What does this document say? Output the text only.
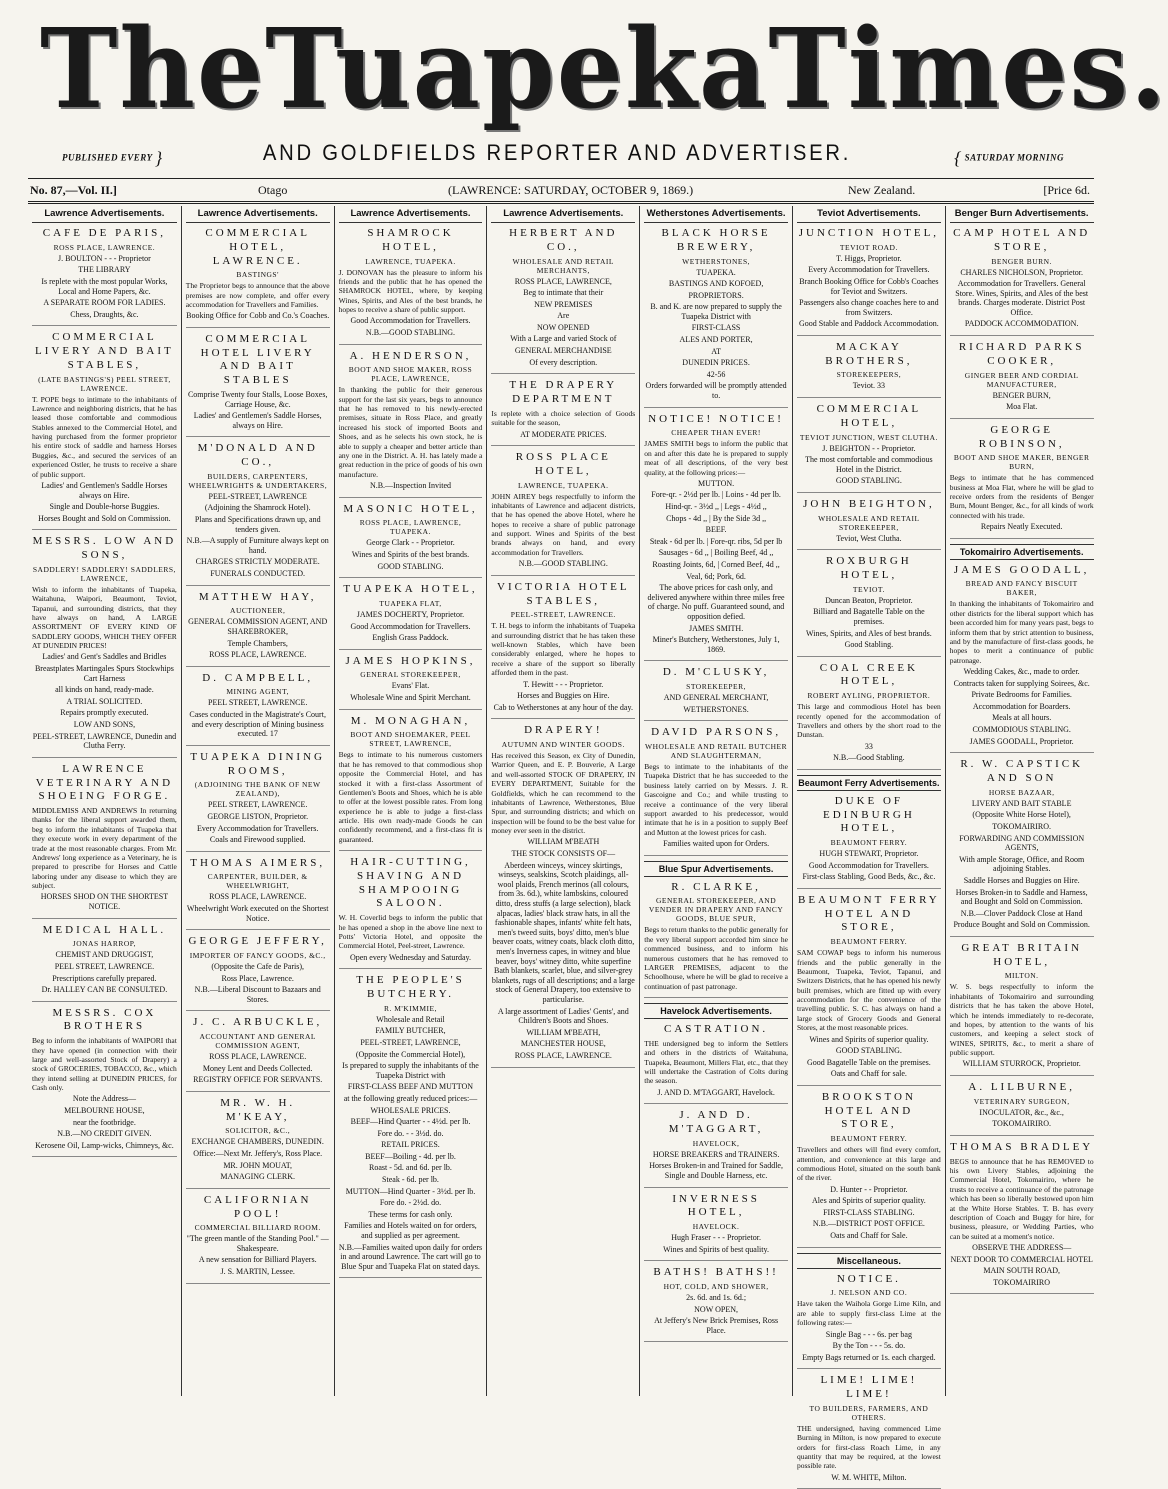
The Tuapeka Times.
PUBLISHED EVERY }	AND GOLDFIELDS REPORTER AND ADVERTISER.	{ SATURDAY MORNING
No. 87,—Vol. II.]	Otago	(LAWRENCE: SATURDAY, OCTOBER 9, 1869.)	New Zealand.	[Price 6d.
Lawrence Advertisements.
CAFE DE PARIS,
ROSS PLACE, LAWRENCE.
J. BOULTON - - - Proprietor
THE LIBRARY
Is replete with the most popular Works, Local and Home Papers, &c.
A SEPARATE ROOM FOR LADIES.
Chess, Draughts, &c.
COMMERCIAL LIVERY AND BAIT STABLES,
(LATE BASTINGS'S) PEEL STREET, LAWRENCE.
T. POPE begs to intimate to the inhabitants of Lawrence and neighboring districts, that he has leased those comfortable and commodious Stables annexed to the Commercial Hotel, and having purchased from the former proprietor his entire stock of saddle and harness Horses Buggies, &c., and secured the services of an experienced Ostler, he trusts to receive a share of public support.
Ladies' and Gentlemen's Saddle Horses always on Hire.
Single and Double-horse Buggies.
Horses Bought and Sold on Commission.
MESSRS. LOW AND SONS,
SADDLERY! SADDLERY! SADDLERS, LAWRENCE,
Wish to inform the inhabitants of Tuapeka, Waitahuna, Waipori, Beaumont, Teviot, Tapanui, and surrounding districts, that they have always on hand, A LARGE ASSORTMENT OF EVERY KIND OF SADDLERY GOODS, WHICH THEY OFFER AT DUNEDIN PRICES!
Ladies' and Gent's Saddles and Bridles
Breastplates Martingales Spurs Stockwhips Cart Harness
all kinds on hand, ready-made.
A TRIAL SOLICITED.
Repairs promptly executed.
LOW AND SONS,
PEEL-STREET, LAWRENCE, Dunedin and Clutha Ferry.
LAWRENCE VETERINARY AND SHOEING FORGE.
MIDDLEMISS AND ANDREWS In returning thanks for the liberal support awarded them, beg to inform the inhabitants of Tuapeka that they execute work in every department of the trade at the most reasonable charges. From Mr. Andrews' long experience as a Veterinary, he is prepared to prescribe for Horses and Cattle laboring under any disease to which they are subject.
HORSES SHOD ON THE SHORTEST NOTICE.
MEDICAL HALL.
JONAS HARROP,
CHEMIST AND DRUGGIST,
PEEL STREET, LAWRENCE.
Prescriptions carefully prepared.
Dr. HALLEY CAN BE CONSULTED.
MESSRS. COX BROTHERS
Beg to inform the inhabitants of WAIPORI that they have opened (in connection with their large and well-assorted Stock of Drapery) a stock of GROCERIES, TOBACCO, &c., which they intend selling at DUNEDIN PRICES, for Cash only.
Note the Address—
MELBOURNE HOUSE,
near the footbridge.
N.B.—NO CREDIT GIVEN.
Kerosene Oil, Lamp-wicks, Chimneys, &c.
Lawrence Advertisements.
COMMERCIAL HOTEL, LAWRENCE.
BASTINGS'
The Proprietor begs to announce that the above premises are now complete, and offer every accommodation for Travellers and Families.
Booking Office for Cobb and Co.'s Coaches.
COMMERCIAL HOTEL LIVERY AND BAIT STABLES
Comprise Twenty four Stalls, Loose Boxes, Carriage House, &c.
Ladies' and Gentlemen's Saddle Horses, always on Hire.
M'DONALD AND CO.,
BUILDERS, CARPENTERS, WHEELWRIGHTS & UNDERTAKERS,
PEEL-STREET, LAWRENCE
(Adjoining the Shamrock Hotel).
Plans and Specifications drawn up, and tenders given.
N.B.—A supply of Furniture always kept on hand.
CHARGES STRICTLY MODERATE.
FUNERALS CONDUCTED.
MATTHEW HAY,
AUCTIONEER,
GENERAL COMMISSION AGENT, AND SHAREBROKER,
Temple Chambers,
ROSS PLACE, LAWRENCE.
D. CAMPBELL,
MINING AGENT,
PEEL STREET, LAWRENCE.
Cases conducted in the Magistrate's Court, and every description of Mining business executed. 17
TUAPEKA DINING ROOMS,
(ADJOINING THE BANK OF NEW ZEALAND),
PEEL STREET, LAWRENCE.
GEORGE LISTON, Proprietor.
Every Accommodation for Travellers.
Coals and Firewood supplied.
THOMAS AIMERS,
CARPENTER, BUILDER, & WHEELWRIGHT,
ROSS PLACE, LAWRENCE.
Wheelwright Work executed on the Shortest Notice.
GEORGE JEFFERY,
IMPORTER OF FANCY GOODS, &C.,
(Opposite the Cafe de Paris),
Ross Place, Lawrence.
N.B.—Liberal Discount to Bazaars and Stores.
J. C. ARBUCKLE,
ACCOUNTANT AND GENERAL COMMISSION AGENT,
ROSS PLACE, LAWRENCE.
Money Lent and Deeds Collected.
REGISTRY OFFICE FOR SERVANTS.
MR. W. H. M'KEAY,
SOLICITOR, &C.,
EXCHANGE CHAMBERS, DUNEDIN.
Office:—Next Mr. Jeffery's, Ross Place.
MR. JOHN MOUAT,
MANAGING CLERK.
CALIFORNIAN POOL!
COMMERCIAL BILLIARD ROOM.
"The green mantle of the Standing Pool." —Shakespeare.
A new sensation for Billiard Players.
J. S. MARTIN, Lessee.
Lawrence Advertisements.
SHAMROCK HOTEL,
LAWRENCE, TUAPEKA.
J. DONOVAN has the pleasure to inform his friends and the public that he has opened the SHAMROCK HOTEL, where, by keeping Wines, Spirits, and Ales of the best brands, he hopes to receive a share of public support.
Good Accommodation for Travellers.
N.B.—GOOD STABLING.
A. HENDERSON,
BOOT AND SHOE MAKER, ROSS PLACE, LAWRENCE,
In thanking the public for their generous support for the last six years, begs to announce that he has removed to his newly-erected premises, situate in Ross Place, and greatly increased his stock of imported Boots and Shoes, and as he selects his own stock, he is able to supply a cheaper and better article than any one in the District. A. H. has lately made a great reduction in the price of goods of his own manufacture.
N.B.—Inspection Invited
MASONIC HOTEL,
ROSS PLACE, LAWRENCE, TUAPEKA.
George Clark - - Proprietor.
Wines and Spirits of the best brands.
GOOD STABLING.
TUAPEKA HOTEL,
TUAPEKA FLAT,
JAMES DOCHERTY, Proprietor.
Good Accommodation for Travellers.
English Grass Paddock.
JAMES HOPKINS,
GENERAL STOREKEEPER,
Evans' Flat.
Wholesale Wine and Spirit Merchant.
M. MONAGHAN,
BOOT AND SHOEMAKER, PEEL STREET, LAWRENCE,
Begs to intimate to his numerous customers that he has removed to that commodious shop opposite the Commercial Hotel, and has stocked it with a first-class Assortment of Gentlemen's Boots and Shoes, which he is able to offer at the lowest possible rates. From long experience he is able to judge a first-class article. His own ready-made Goods he can confidently recommend, and a first-class fit is guaranteed.
HAIR-CUTTING, SHAVING AND SHAMPOOING SALOON.
W. H. Coverlid begs to inform the public that he has opened a shop in the above line next to Potts' Victoria Hotel, and opposite the Commercial Hotel, Peel-street, Lawrence.
Open every Wednesday and Saturday.
THE PEOPLE'S BUTCHERY.
R. M'KIMMIE,
Wholesale and Retail
FAMILY BUTCHER,
PEEL-STREET, LAWRENCE,
(Opposite the Commercial Hotel),
Is prepared to supply the inhabitants of the Tuapeka District with
FIRST-CLASS BEEF AND MUTTON
at the following greatly reduced prices:—
WHOLESALE PRICES.
BEEF—Hind Quarter - - 4½d. per lb.
Fore do. - - 3½d. do.
RETAIL PRICES.
BEEF—Boiling - 4d. per lb.
Roast - 5d. and 6d. per lb.
Steak - 6d. per lb.
MUTTON—Hind Quarter - 3½d. per lb.
Fore do. - 2½d. do.
These terms for cash only.
Families and Hotels waited on for orders, and supplied as per agreement.
N.B.—Families waited upon daily for orders in and around Lawrence. The cart will go to Blue Spur and Tuapeka Flat on stated days.
Lawrence Advertisements.
HERBERT AND CO.,
WHOLESALE AND RETAIL MERCHANTS,
ROSS PLACE, LAWRENCE,
Beg to intimate that their
NEW PREMISES
Are
NOW OPENED
With a Large and varied Stock of
GENERAL MERCHANDISE
Of every description.
THE DRAPERY DEPARTMENT
Is replete with a choice selection of Goods suitable for the season,
AT MODERATE PRICES.
ROSS PLACE HOTEL,
LAWRENCE, TUAPEKA.
JOHN AIREY begs respectfully to inform the inhabitants of Lawrence and adjacent districts, that he has opened the above Hotel, where he hopes to receive a share of public patronage and support. Wines and Spirits of the best brands always on hand, and every accommodation for Travellers.
N.B.—GOOD STABLING.
VICTORIA HOTEL STABLES,
PEEL-STREET, LAWRENCE.
T. H. begs to inform the inhabitants of Tuapeka and surrounding district that he has taken these well-known Stables, which have been considerably enlarged, where he hopes to receive a share of the support so liberally afforded them in the past.
T. Hewitt - - - Proprietor.
Horses and Buggies on Hire.
Cab to Wetherstones at any hour of the day.
DRAPERY!
AUTUMN AND WINTER GOODS.
Has received this Season, ex City of Dunedin, Warrior Queen, and E. P. Bouverie, A Large and well-assorted STOCK OF DRAPERY, IN EVERY DEPARTMENT, Suitable for the Goldfields, which he can recommend to the inhabitants of Lawrence, Wetherstones, Blue Spur, and surrounding districts; and which on inspection will be found to be the best value for money ever seen in the district.
WILLIAM M'BEATH
THE STOCK CONSISTS OF—
Aberdeen winceys, wincey skirtings, winseys, sealskins, Scotch plaidings, all-wool plaids, French merinos (all colours, from 3s. 6d.), white lambskins, coloured ditto, dress stuffs (a large selection), black alpacas, ladies' black straw hats, in all the fashionable shapes, infants' white felt hats, men's tweed suits, boys' ditto, men's blue beaver coats, witney coats, black cloth ditto, men's Inverness capes, in witney and blue beaver, boys' witney ditto, white superfine Bath blankets, scarlet, blue, and silver-grey blankets, rugs of all descriptions; and a large stock of General Drapery, too extensive to particularise.
A large assortment of Ladies' Gents', and Children's Boots and Shoes.
WILLIAM M'BEATH,
MANCHESTER HOUSE,
ROSS PLACE, LAWRENCE.
Wetherstones Advertisements.
BLACK HORSE BREWERY,
WETHERSTONES,
TUAPEKA.
BASTINGS AND KOFOED,
PROPRIETORS.
B. and K. are now prepared to supply the Tuapeka District with
FIRST-CLASS
ALES AND PORTER,
AT
DUNEDIN PRICES.
42-56
Orders forwarded will be promptly attended to.
NOTICE! NOTICE!
CHEAPER THAN EVER!
JAMES SMITH begs to inform the public that on and after this date he is prepared to supply meat of all descriptions, of the very best quality, at the following prices:—
MUTTON.
Fore-qr. - 2½d per lb. | Loins - 4d per lb.
Hind-qr. - 3½d ,, | Legs - 4½d ,,
Chops - 4d ,, | By the Side 3d ,,
BEEF.
Steak - 6d per lb. | Fore-qr. ribs, 5d per lb
Sausages - 6d ,, | Boiling Beef, 4d ,,
Roasting Joints, 6d, | Corned Beef, 4d ,,
Veal, 6d; Pork, 6d.
The above prices for cash only, and delivered anywhere within three miles free of charge. No puff. Guaranteed sound, and opposition defied.
JAMES SMITH.
Miner's Butchery, Wetherstones, July 1, 1869.
D. M'CLUSKY,
STOREKEEPER,
AND GENERAL MERCHANT,
WETHERSTONES.
DAVID PARSONS,
WHOLESALE AND RETAIL BUTCHER AND SLAUGHTERMAN,
Begs to intimate to the inhabitants of the Tuapeka District that he has succeeded to the business lately carried on by Messrs. J. R. Gascoigne and Co.; and while trusting to receive a continuance of the very liberal support awarded to his predecessor, would intimate that he is in a position to supply Beef and Mutton at the lowest prices for cash.
Families waited upon for Orders.
Blue Spur Advertisements.
R. CLARKE,
GENERAL STOREKEEPER, AND VENDER IN DRAPERY AND FANCY GOODS, BLUE SPUR,
Begs to return thanks to the public generally for the very liberal support accorded him since he commenced business, and to inform his numerous customers that he has removed to LARGER PREMISES, adjacent to the Schoolhouse, where he will be glad to receive a continuation of past patronage.
Havelock Advertisements.
CASTRATION.
THE undersigned beg to inform the Settlers and others in the districts of Waitahuna, Tuapeka, Beaumont, Millers Flat, etc., that they will undertake the Castration of Colts during the season.
J. AND D. M'TAGGART, Havelock.
J. AND D. M'TAGGART,
HAVELOCK,
HORSE BREAKERS and TRAINERS.
Horses Broken-in and Trained for Saddle, Single and Double Harness, etc.
INVERNESS HOTEL,
HAVELOCK.
Hugh Fraser - - - Proprietor.
Wines and Spirits of best quality.
BATHS! BATHS!!
HOT, COLD, AND SHOWER,
2s. 6d. and 1s. 6d.;
NOW OPEN,
At Jeffery's New Brick Premises, Ross Place.
Teviot Advertisements.
JUNCTION HOTEL,
TEVIOT ROAD.
T. Higgs, Proprietor.
Every Accommodation for Travellers.
Branch Booking Office for Cobb's Coaches for Teviot and Switzers.
Passengers also change coaches here to and from Switzers.
Good Stable and Paddock Accommodation.
MACKAY BROTHERS,
STOREKEEPERS,
Teviot. 33
COMMERCIAL HOTEL,
TEVIOT JUNCTION, WEST CLUTHA.
J. BEIGHTON - - Proprietor.
The most comfortable and commodious Hotel in the District.
GOOD STABLING.
JOHN BEIGHTON,
WHOLESALE AND RETAIL STOREKEEPER,
Teviot, West Clutha.
ROXBURGH HOTEL,
TEVIOT.
Duncan Beaton, Proprietor.
Billiard and Bagatelle Table on the premises.
Wines, Spirits, and Ales of best brands.
Good Stabling.
COAL CREEK HOTEL,
ROBERT AYLING, PROPRIETOR.
This large and commodious Hotel has been recently opened for the accommodation of Travellers and others by the short road to the Dunstan.
33
N.B.—Good Stabling.
Beaumont Ferry Advertisements.
DUKE OF EDINBURGH HOTEL,
BEAUMONT FERRY.
HUGH STEWART, Proprietor.
Good Accommodation for Travellers.
First-class Stabling, Good Beds, &c., &c.
BEAUMONT FERRY HOTEL AND STORE,
BEAUMONT FERRY.
SAM COWAP begs to inform his numerous friends and the public generally in the Beaumont, Tuapeka, Teviot, Tapanui, and Switzers Districts, that he has opened his newly built premises, which are fitted up with every accommodation for the convenience of the travelling public. S. C. has always on hand a large stock of Grocery Goods and General Stores, at the most reasonable prices.
Wines and Spirits of superior quality.
GOOD STABLING.
Good Bagatelle Table on the premises.
Oats and Chaff for sale.
BROOKSTON HOTEL AND STORE,
BEAUMONT FERRY.
Travellers and others will find every comfort, attention, and convenience at this large and commodious Hotel, situated on the south bank of the river.
D. Hunter - - Proprietor.
Ales and Spirits of superior quality.
FIRST-CLASS STABLING.
N.B.—DISTRICT POST OFFICE.
Oats and Chaff for Sale.
Miscellaneous.
NOTICE.
J. NELSON AND CO.
Have taken the Waihola Gorge Lime Kiln, and are able to supply first-class Lime at the following rates:—
Single Bag - - - 6s. per bag
By the Ton - - - 5s. do.
Empty Bags returned or 1s. each charged.
LIME! LIME! LIME!
TO BUILDERS, FARMERS, AND OTHERS.
THE undersigned, having commenced Lime Burning in Milton, is now prepared to execute orders for first-class Roach Lime, in any quantity that may be required, at the lowest possible rate.
W. M. WHITE, Milton.
Benger Burn Advertisements.
CAMP HOTEL AND STORE,
BENGER BURN.
CHARLES NICHOLSON, Proprietor.
Accommodation for Travellers. General Store. Wines, Spirits, and Ales of the best brands. Charges moderate. District Post Office.
PADDOCK ACCOMMODATION.
RICHARD PARKS COOKER,
GINGER BEER AND CORDIAL MANUFACTURER,
BENGER BURN,
Moa Flat.
GEORGE ROBINSON,
BOOT AND SHOE MAKER, BENGER BURN,
Begs to intimate that he has commenced business at Moa Flat, where he will be glad to receive orders from the residents of Benger Burn, Mount Benger, &c., for all kinds of work connected with his trade.
Repairs Neatly Executed.
Tokomairiro Advertisements.
JAMES GOODALL,
BREAD AND FANCY BISCUIT BAKER,
In thanking the inhabitants of Tokomairiro and other districts for the liberal support which has been accorded him for many years past, begs to inform them that by strict attention to business, and by the manufacture of first-class goods, he hopes to merit a continuance of public patronage.
Wedding Cakes, &c., made to order.
Contracts taken for supplying Soirees, &c.
Private Bedrooms for Families.
Accommodation for Boarders.
Meals at all hours.
COMMODIOUS STABLING.
JAMES GOODALL, Proprietor.
R. W. CAPSTICK AND SON
HORSE BAZAAR,
LIVERY AND BAIT STABLE
(Opposite White Horse Hotel),
TOKOMAIRIRO.
FORWARDING AND COMMISSION AGENTS,
With ample Storage, Office, and Room adjoining Stables.
Saddle Horses and Buggies on Hire.
Horses Broken-in to Saddle and Harness, and Bought and Sold on Commission.
N.B.—Clover Paddock Close at Hand
Produce Bought and Sold on Commission.
GREAT BRITAIN HOTEL,
MILTON.
W. S. begs respectfully to inform the inhabitants of Tokomairiro and surrounding districts that he has taken the above Hotel, which he intends immediately to re-decorate, and hopes, by attention to the wants of his customers, and keeping a select stock of WINES, SPIRITS, &c., to merit a share of public support.
WILLIAM STURROCK, Proprietor.
A. LILBURNE,
VETERINARY SURGEON,
INOCULATOR, &c., &c.,
TOKOMAIRIRO.
THOMAS BRADLEY
BEGS to announce that he has REMOVED to his own Livery Stables, adjoining the Commercial Hotel, Tokomairiro, where he trusts to receive a continuance of the patronage which has been so liberally bestowed upon him at the White Horse Stables. T. B. has every description of Coach and Buggy for hire, for business, pleasure, or Wedding Parties, who can be suited at a moment's notice.
OBSERVE THE ADDRESS—
NEXT DOOR TO COMMERCIAL HOTEL
MAIN SOUTH ROAD,
TOKOMAIRIRO
